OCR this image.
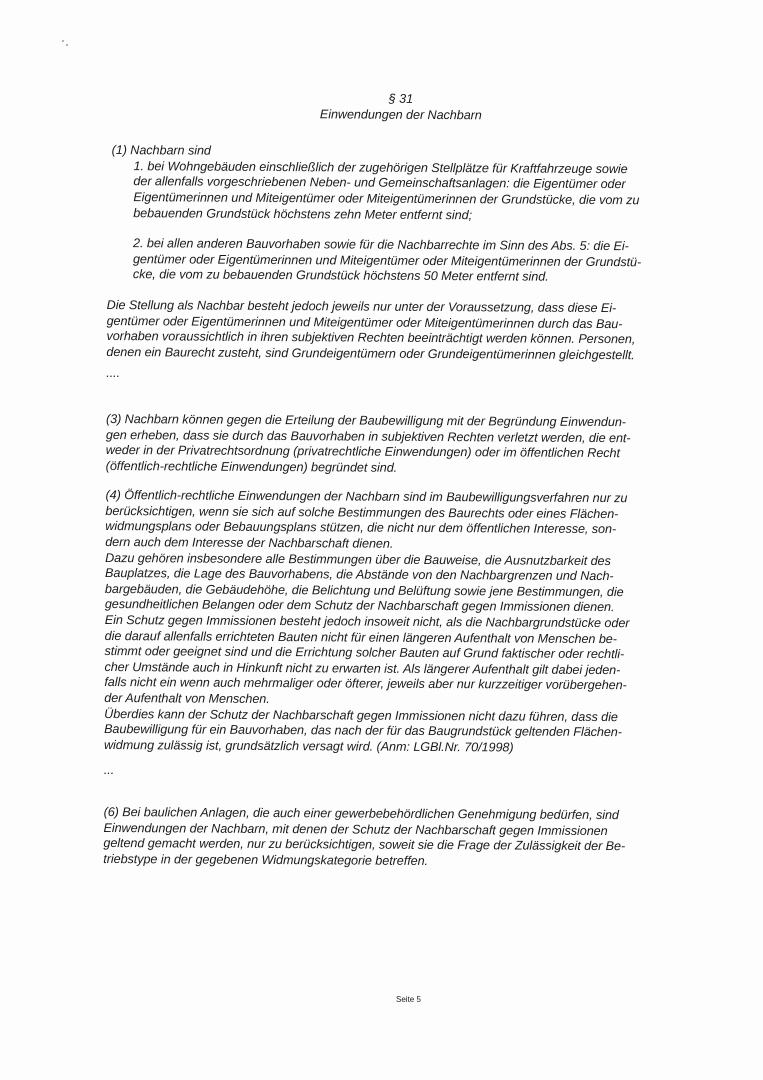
§ 31
Einwendungen der Nachbarn
(1) Nachbarn sind
1. bei Wohngebäuden einschließlich der zugehörigen Stellplätze für Kraftfahrzeuge sowie
der allenfalls vorgeschriebenen Neben- und Gemeinschaftsanlagen: die Eigentümer oder
Eigentümerinnen und Miteigentümer oder Miteigentümerinnen der Grundstücke, die vom zu
bebauenden Grundstück höchstens zehn Meter entfernt sind;
2. bei allen anderen Bauvorhaben sowie für die Nachbarrechte im Sinn des Abs. 5: die Ei-
gentümer oder Eigentümerinnen und Miteigentümer oder Miteigentümerinnen der Grundstü-
cke, die vom zu bebauenden Grundstück höchstens 50 Meter entfernt sind.
Die Stellung als Nachbar besteht jedoch jeweils nur unter der Voraussetzung, dass diese Ei-
gentümer oder Eigentümerinnen und Miteigentümer oder Miteigentümerinnen durch das Bau-
vorhaben voraussichtlich in ihren subjektiven Rechten beeinträchtigt werden können. Personen,
denen ein Baurecht zusteht, sind Grundeigentümern oder Grundeigentümerinnen gleichgestellt.
....
(3) Nachbarn können gegen die Erteilung der Baubewilligung mit der Begründung Einwendun-
gen erheben, dass sie durch das Bauvorhaben in subjektiven Rechten verletzt werden, die ent-
weder in der Privatrechtsordnung (privatrechtliche Einwendungen) oder im öffentlichen Recht
(öffentlich-rechtliche Einwendungen) begründet sind.
(4) Öffentlich-rechtliche Einwendungen der Nachbarn sind im Baubewilligungsverfahren nur zu
berücksichtigen, wenn sie sich auf solche Bestimmungen des Baurechts oder eines Flächen-
widmungsplans oder Bebauungsplans stützen, die nicht nur dem öffentlichen Interesse, son-
dern auch dem Interesse der Nachbarschaft dienen.
Dazu gehören insbesondere alle Bestimmungen über die Bauweise, die Ausnutzbarkeit des
Bauplatzes, die Lage des Bauvorhabens, die Abstände von den Nachbargrenzen und Nach-
bargebäuden, die Gebäudehöhe, die Belichtung und Belüftung sowie jene Bestimmungen, die
gesundheitlichen Belangen oder dem Schutz der Nachbarschaft gegen Immissionen dienen.
Ein Schutz gegen Immissionen besteht jedoch insoweit nicht, als die Nachbargrundstücke oder
die darauf allenfalls errichteten Bauten nicht für einen längeren Aufenthalt von Menschen be-
stimmt oder geeignet sind und die Errichtung solcher Bauten auf Grund faktischer oder rechtli-
cher Umstände auch in Hinkunft nicht zu erwarten ist. Als längerer Aufenthalt gilt dabei jeden-
falls nicht ein wenn auch mehrmaliger oder öfterer, jeweils aber nur kurzzeitiger vorübergehen-
der Aufenthalt von Menschen.
Überdies kann der Schutz der Nachbarschaft gegen Immissionen nicht dazu führen, dass die
Baubewilligung für ein Bauvorhaben, das nach der für das Baugrundstück geltenden Flächen-
widmung zulässig ist, grundsätzlich versagt wird. (Anm: LGBl.Nr. 70/1998)
...
(6) Bei baulichen Anlagen, die auch einer gewerbebehördlichen Genehmigung bedürfen, sind
Einwendungen der Nachbarn, mit denen der Schutz der Nachbarschaft gegen Immissionen
geltend gemacht werden, nur zu berücksichtigen, soweit sie die Frage der Zulässigkeit der Be-
triebstype in der gegebenen Widmungskategorie betreffen.
Seite 5
